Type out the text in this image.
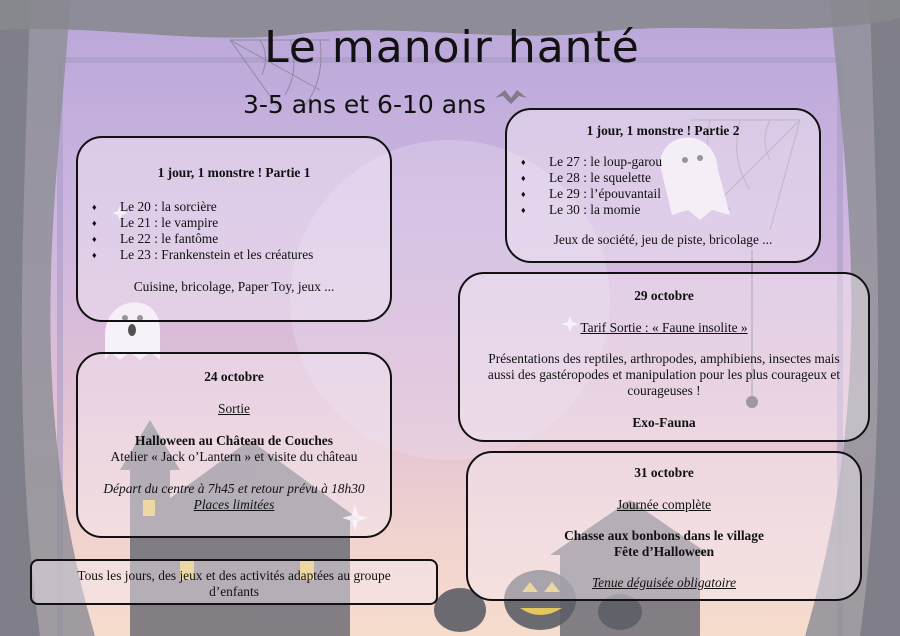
Le manoir hanté
3-5 ans et 6-10 ans
1 jour, 1 monstre ! Partie 1
♦ Le 20 : la sorcière
♦ Le 21 : le vampire
♦ Le 22 : le fantôme
♦ Le 23 : Frankenstein et les créatures
Cuisine, bricolage, Paper Toy, jeux ...
1 jour, 1 monstre ! Partie 2
♦ Le 27 : le loup-garou
♦ Le 28 : le squelette
♦ Le 29 : l’épouvantail
♦ Le 30 : la momie
Jeux de société, jeu de piste, bricolage ...
24 octobre
Sortie
Halloween au Château de Couches
Atelier « Jack o’Lantern » et visite du château
Départ du centre à 7h45 et retour prévu à 18h30
Places limitées
29 octobre
Tarif Sortie : « Faune insolite »
Présentations des reptiles, arthropodes, amphibiens, insectes mais aussi des gastéropodes et manipulation pour les plus courageux et courageuses !
Exo-Fauna
31 octobre
Journée complète
Chasse aux bonbons dans le village
Fête d’Halloween
Tenue déguisée obligatoire
Tous les jours, des jeux et des activités adaptées au groupe d’enfants
